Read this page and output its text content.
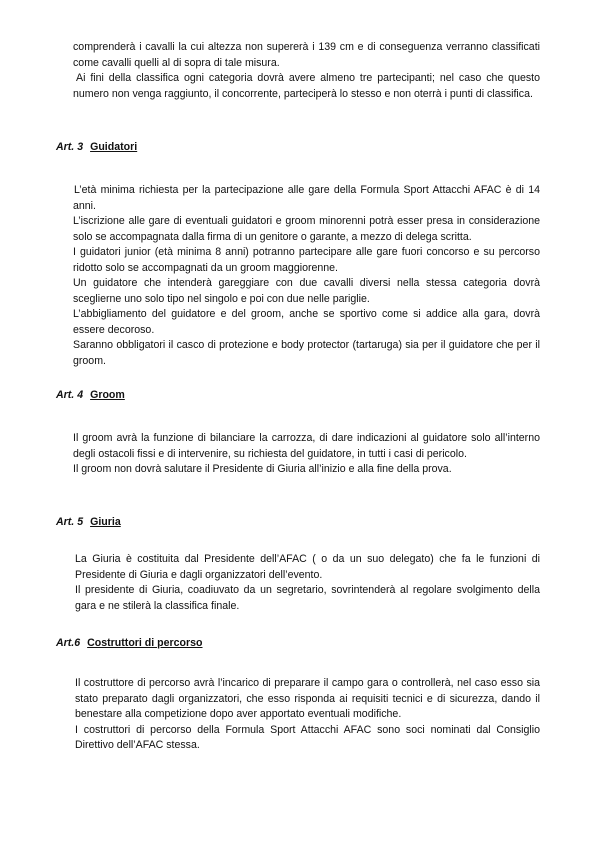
comprenderà i cavalli la cui altezza non supererà i 139 cm e di conseguenza verranno classificati come cavalli quelli al di sopra di tale misura.

Ai fini della classifica ogni categoria dovrà avere almeno tre partecipanti; nel caso che questo numero non venga raggiunto, il concorrente, parteciperà lo stesso e non oterrà i punti di classifica.

Art. 3 Guidatori

L’età minima richiesta per la partecipazione alle gare della Formula Sport Attacchi AFAC è di 14 anni.

L’iscrizione alle gare di eventuali guidatori e groom minorenni potrà esser presa in considerazione solo se accompagnata dalla firma di un genitore o garante, a mezzo di delega scritta.

I guidatori junior (età minima 8 anni) potranno partecipare alle gare fuori concorso e su percorso ridotto solo se accompagnati da un groom maggiorenne.

Un guidatore che intenderà gareggiare con due cavalli diversi nella stessa categoria dovrà sceglierne uno solo tipo nel singolo e poi con due nelle pariglie.

L’abbigliamento del guidatore e del groom, anche se sportivo come si addice alla gara, dovrà essere decoroso.

Saranno obbligatori il casco di protezione e body protector (tartaruga) sia per il guidatore che per il groom.

Art. 4 Groom

Il groom avrà la funzione di bilanciare la carrozza, di dare indicazioni al guidatore solo all’interno degli ostacoli fissi e di intervenire, su richiesta del guidatore, in tutti i casi di pericolo.

Il groom non dovrà salutare il Presidente di Giuria all’inizio e alla fine della prova.

Art. 5 Giuria

La Giuria è costituita dal Presidente dell’AFAC ( o da un suo delegato) che fa le funzioni di Presidente di Giuria e dagli organizzatori dell’evento.

Il presidente di Giuria, coadiuvato da un segretario, sovrintenderà al regolare svolgimento della gara e ne stilerà la classifica finale.

Art.6 Costruttori di percorso

Il costruttore di percorso avrà l’incarico di preparare il campo gara o controllerà, nel caso esso sia stato preparato dagli organizzatori, che esso risponda ai requisiti tecnici e di sicurezza, dando il benestare alla competizione dopo aver apportato eventuali modifiche.

I costruttori di percorso della Formula Sport Attacchi AFAC sono soci nominati dal Consiglio Direttivo dell’AFAC stessa.
